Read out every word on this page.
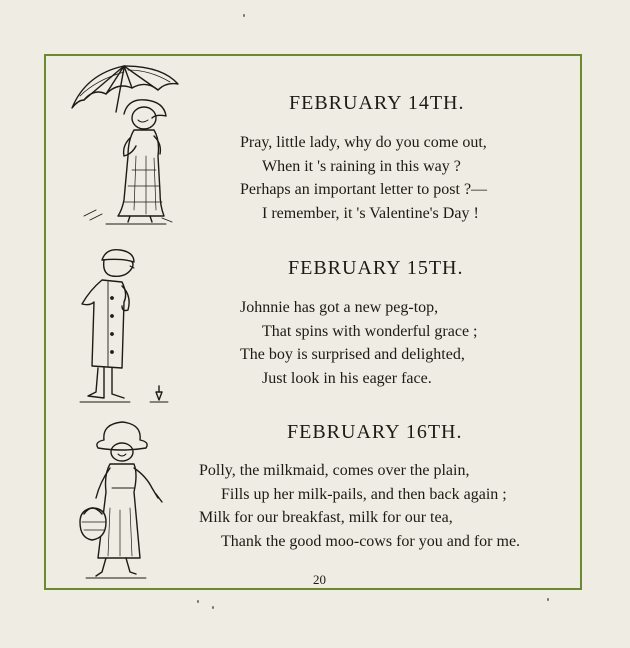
FEBRUARY 14TH.
Pray, little lady, why do you come out,
When it 's raining in this way ?
Perhaps an important letter to post ?—
I remember, it 's Valentine's Day !
FEBRUARY 15TH.
Johnnie has got a new peg-top,
That spins with wonderful grace ;
The boy is surprised and delighted,
Just look in his eager face.
FEBRUARY 16TH.
Polly, the milkmaid, comes over the plain,
Fills up her milk-pails, and then back again ;
Milk for our breakfast, milk for our tea,
Thank the good moo-cows for you and for me.
20
